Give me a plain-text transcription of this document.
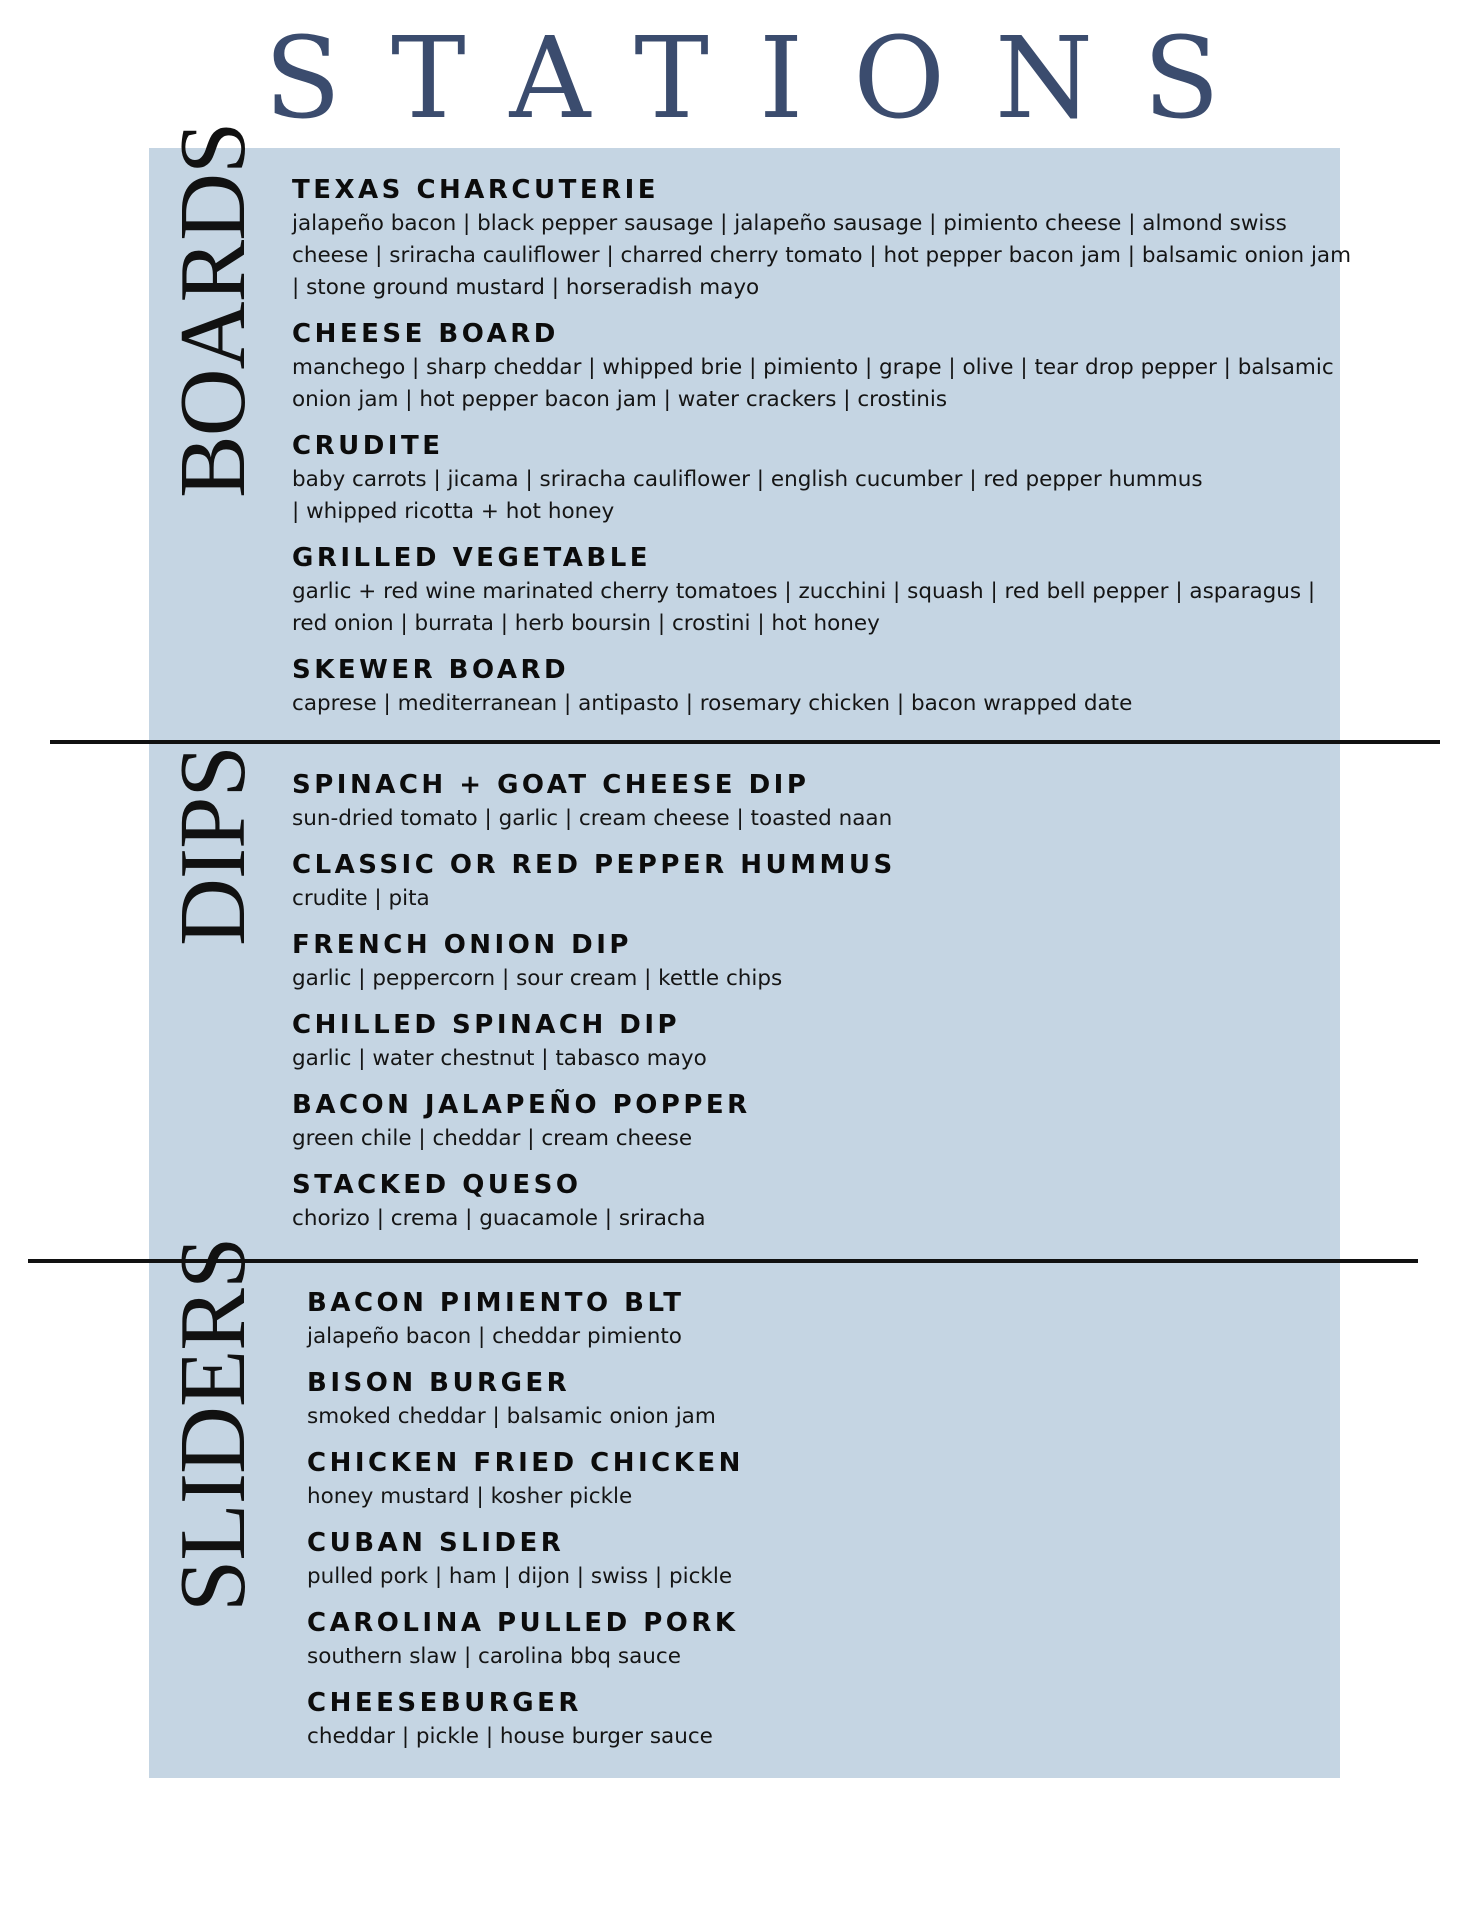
STATIONS
BOARDS
DIPS
SLIDERS
TEXAS CHARCUTERIE
jalapeño bacon | black pepper sausage | jalapeño sausage | pimiento cheese | almond swiss cheese | sriracha cauliflower | charred cherry tomato | hot pepper bacon jam | balsamic onion jam | stone ground mustard | horseradish mayo
CHEESE BOARD
manchego | sharp cheddar | whipped brie | pimiento | grape | olive | tear drop pepper | balsamic onion jam | hot pepper bacon jam | water crackers | crostinis
CRUDITE
baby carrots | jicama | sriracha cauliflower | english cucumber | red pepper hummus | whipped ricotta + hot honey
GRILLED VEGETABLE
garlic + red wine marinated cherry tomatoes | zucchini | squash | red bell pepper | asparagus | red onion | burrata | herb boursin | crostini | hot honey
SKEWER BOARD
caprese | mediterranean | antipasto | rosemary chicken | bacon wrapped date
SPINACH + GOAT CHEESE DIP
sun-dried tomato | garlic | cream cheese | toasted naan
CLASSIC OR RED PEPPER HUMMUS
crudite | pita
FRENCH ONION DIP
garlic | peppercorn | sour cream | kettle chips
CHILLED SPINACH DIP
garlic | water chestnut | tabasco mayo
BACON JALAPEÑO POPPER
green chile | cheddar | cream cheese
STACKED QUESO
chorizo | crema | guacamole | sriracha
BACON PIMIENTO BLT
jalapeño bacon | cheddar pimiento
BISON BURGER
smoked cheddar | balsamic onion jam
CHICKEN FRIED CHICKEN
honey mustard | kosher pickle
CUBAN SLIDER
pulled pork | ham | dijon | swiss | pickle
CAROLINA PULLED PORK
southern slaw | carolina bbq sauce
CHEESEBURGER
cheddar | pickle | house burger sauce
